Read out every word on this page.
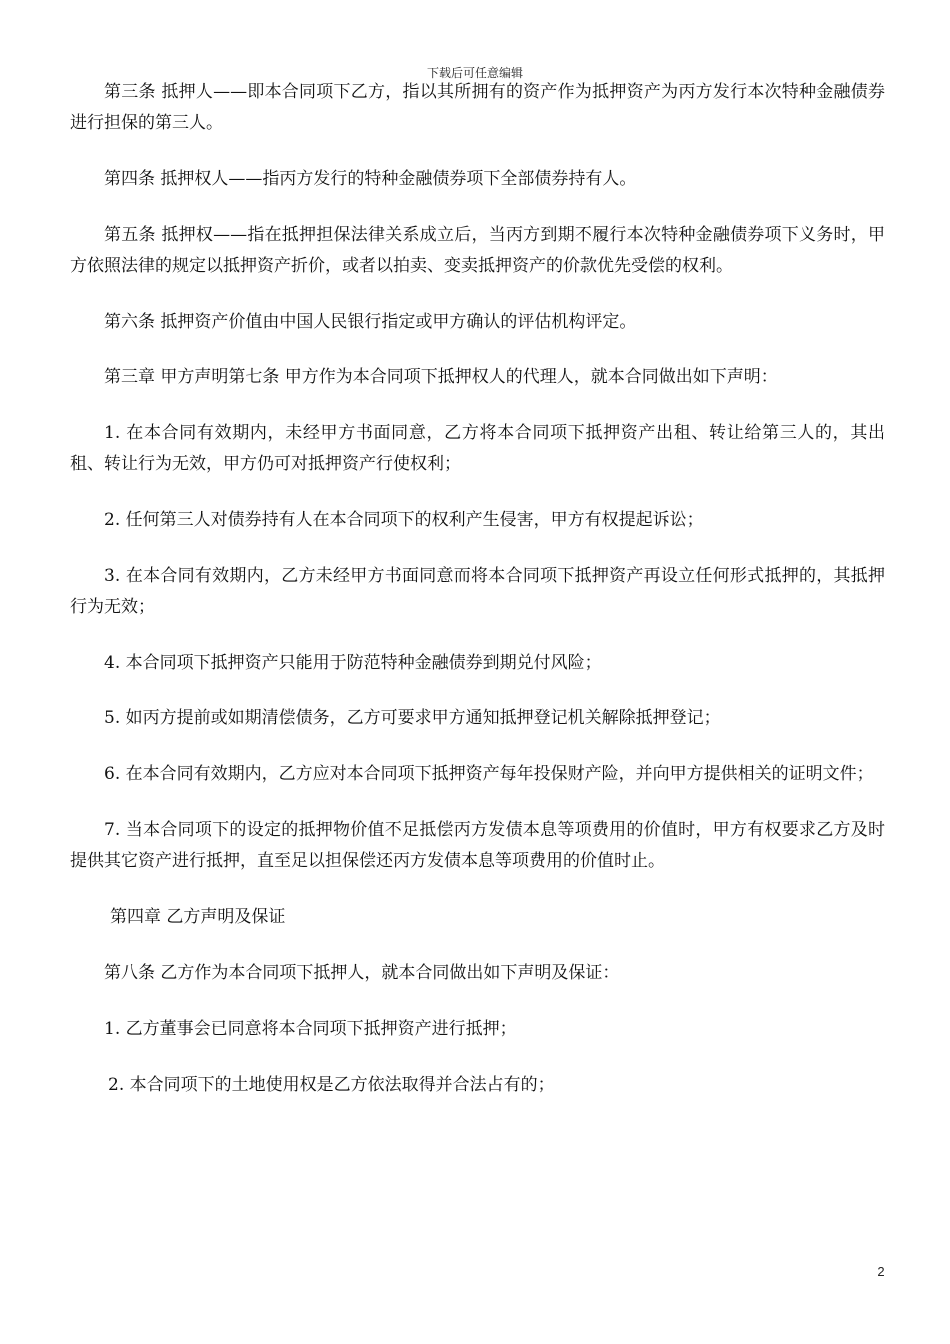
下载后可任意编辑

第三条 抵押人——即本合同项下乙方，指以其所拥有的资产作为抵押资产为丙方发行本次特种金融债券进行担保的第三人。

第四条 抵押权人——指丙方发行的特种金融债券项下全部债券持有人。

第五条 抵押权——指在抵押担保法律关系成立后，当丙方到期不履行本次特种金融债券项下义务时，甲方依照法律的规定以抵押资产折价，或者以拍卖、变卖抵押资产的价款优先受偿的权利。

第六条 抵押资产价值由中国人民银行指定或甲方确认的评估机构评定。

第三章 甲方声明第七条 甲方作为本合同项下抵押权人的代理人，就本合同做出如下声明：

1. 在本合同有效期内，未经甲方书面同意，乙方将本合同项下抵押资产出租、转让给第三人的，其出租、转让行为无效，甲方仍可对抵押资产行使权利；

2. 任何第三人对债券持有人在本合同项下的权利产生侵害，甲方有权提起诉讼；

3. 在本合同有效期内，乙方未经甲方书面同意而将本合同项下抵押资产再设立任何形式抵押的，其抵押行为无效；

4. 本合同项下抵押资产只能用于防范特种金融债券到期兑付风险；

5. 如丙方提前或如期清偿债务，乙方可要求甲方通知抵押登记机关解除抵押登记；

6. 在本合同有效期内，乙方应对本合同项下抵押资产每年投保财产险，并向甲方提供相关的证明文件；

7. 当本合同项下的设定的抵押物价值不足抵偿丙方发债本息等项费用的价值时，甲方有权要求乙方及时提供其它资产进行抵押，直至足以担保偿还丙方发债本息等项费用的价值时止。

第四章 乙方声明及保证

第八条 乙方作为本合同项下抵押人，就本合同做出如下声明及保证：

1. 乙方董事会已同意将本合同项下抵押资产进行抵押；

2. 本合同项下的土地使用权是乙方依法取得并合法占有的；

2
